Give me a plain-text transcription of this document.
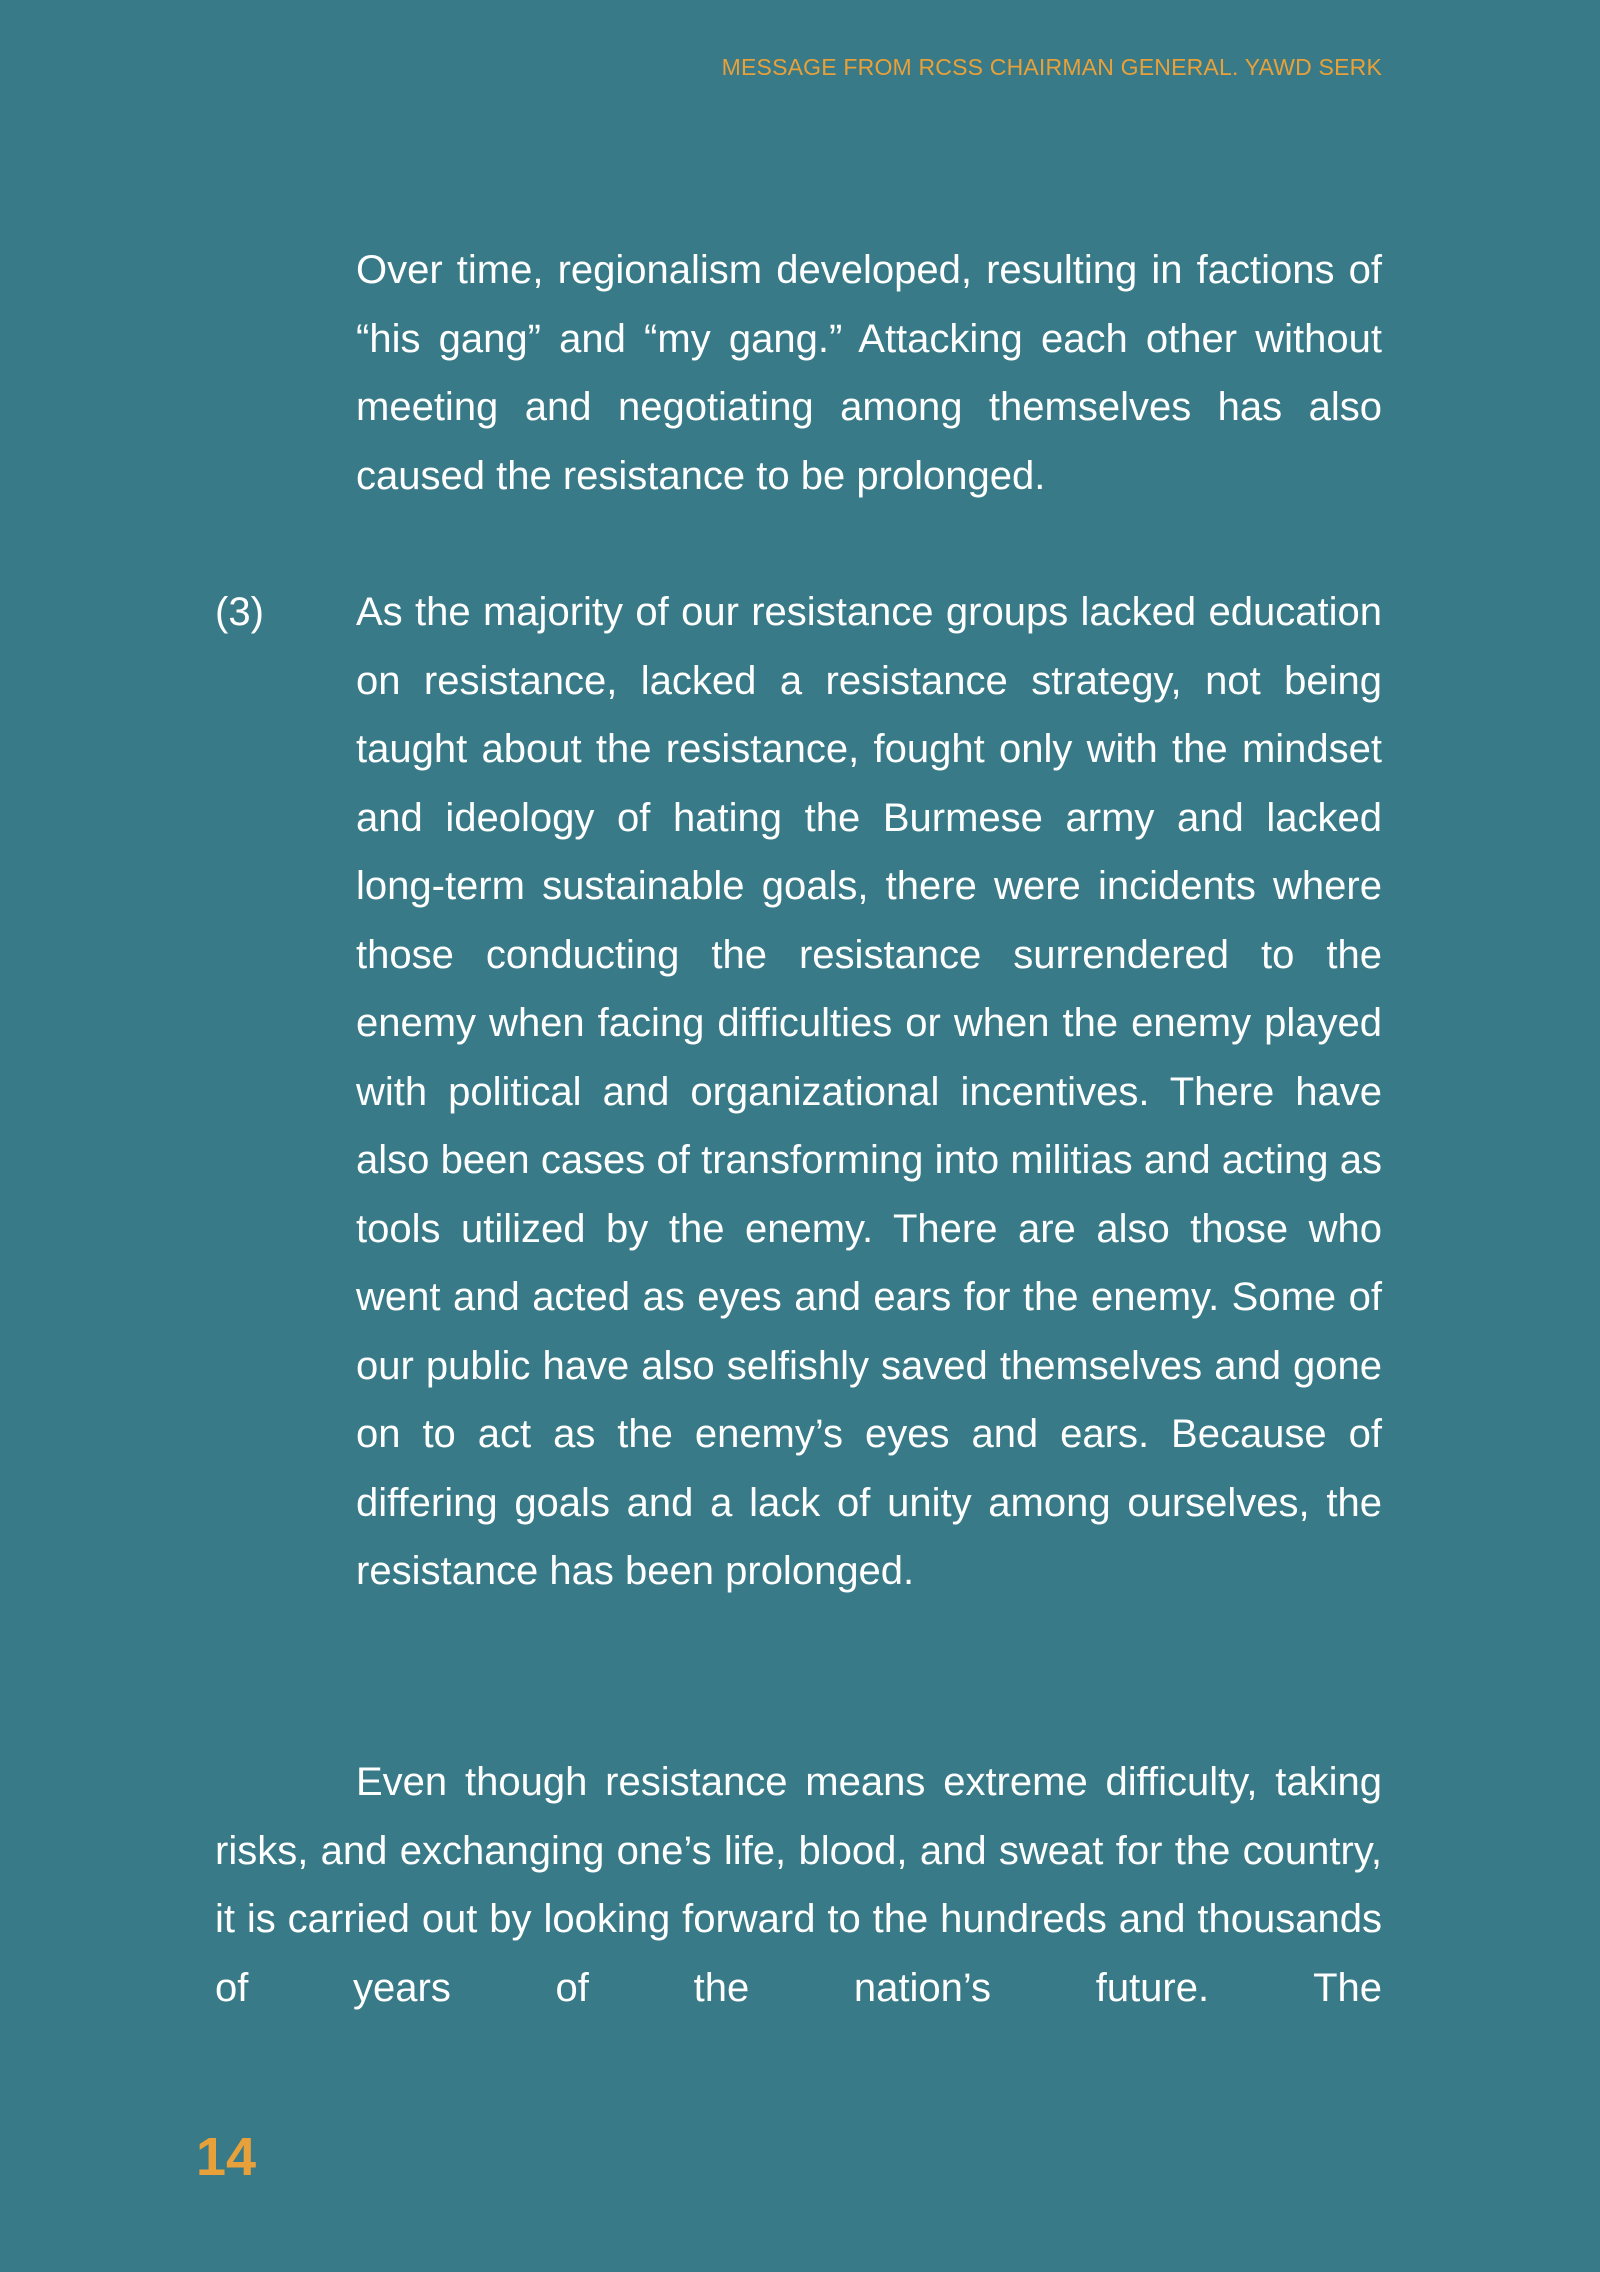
MESSAGE FROM RCSS CHAIRMAN GENERAL. YAWD SERK

Over time, regionalism developed, resulting in factions of “his gang” and “my gang.” Attacking each other without meeting and negotiating among themselves has also caused the resistance to be prolonged.

(3) As the majority of our resistance groups lacked education on resistance, lacked a resistance strategy, not being taught about the resistance, fought only with the mindset and ideology of hating the Burmese army and lacked long-term sustainable goals, there were incidents where those conducting the resistance surrendered to the enemy when facing difficulties or when the enemy played with political and organizational incentives. There have also been cases of transforming into militias and acting as tools utilized by the enemy. There are also those who went and acted as eyes and ears for the enemy. Some of our public have also selfishly saved themselves and gone on to act as the enemy’s eyes and ears. Because of differing goals and a lack of unity among ourselves, the resistance has been prolonged.

Even though resistance means extreme difficulty, taking risks, and exchanging one’s life, blood, and sweat for the country, it is carried out by looking forward to the hundreds and thousands of years of the nation’s future. The

14
